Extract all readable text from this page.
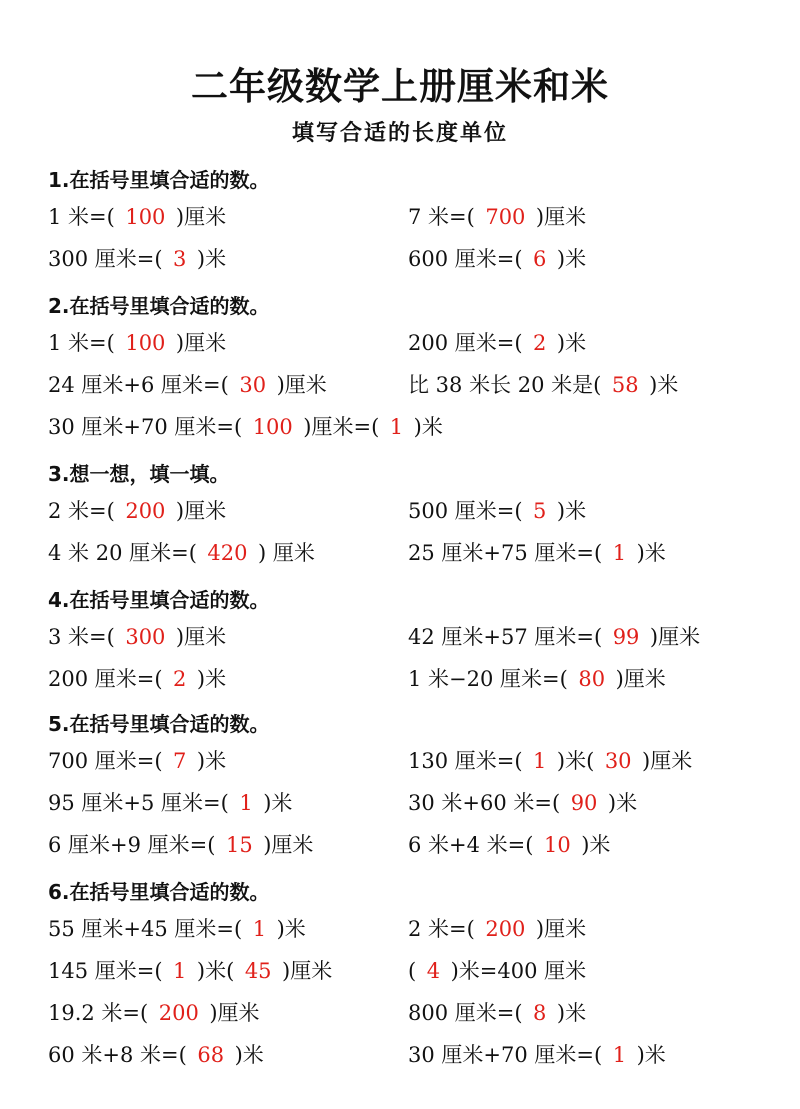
二年级数学上册厘米和米
填写合适的长度单位
1.在括号里填合适的数。
1 米=( 100 )厘米	7 米=( 700 )厘米
300 厘米=( 3 )米	600 厘米=( 6 )米
2.在括号里填合适的数。
1 米=( 100 )厘米	200 厘米=( 2 )米
24 厘米+6 厘米=( 30 )厘米	比 38 米长 20 米是( 58 )米
30 厘米+70 厘米=( 100 )厘米=( 1 )米
3.想一想，填一填。
2 米=( 200 )厘米	500 厘米=( 5 )米
4 米 20 厘米=( 420 ) 厘米	25 厘米+75 厘米=( 1 )米
4.在括号里填合适的数。
3 米=( 300 )厘米	42 厘米+57 厘米=( 99 )厘米
200 厘米=( 2 )米	1 米−20 厘米=( 80 )厘米
5.在括号里填合适的数。
700 厘米=( 7 )米	130 厘米=( 1 )米( 30 )厘米
95 厘米+5 厘米=( 1 )米	30 米+60 米=( 90 )米
6 厘米+9 厘米=( 15 )厘米	6 米+4 米=( 10 )米
6.在括号里填合适的数。
55 厘米+45 厘米=( 1 )米	2 米=( 200 )厘米
145 厘米=( 1 )米( 45 )厘米	( 4 )米=400 厘米
19.2 米=( 200 )厘米	800 厘米=( 8 )米
60 米+8 米=( 68 )米	30 厘米+70 厘米=( 1 )米
